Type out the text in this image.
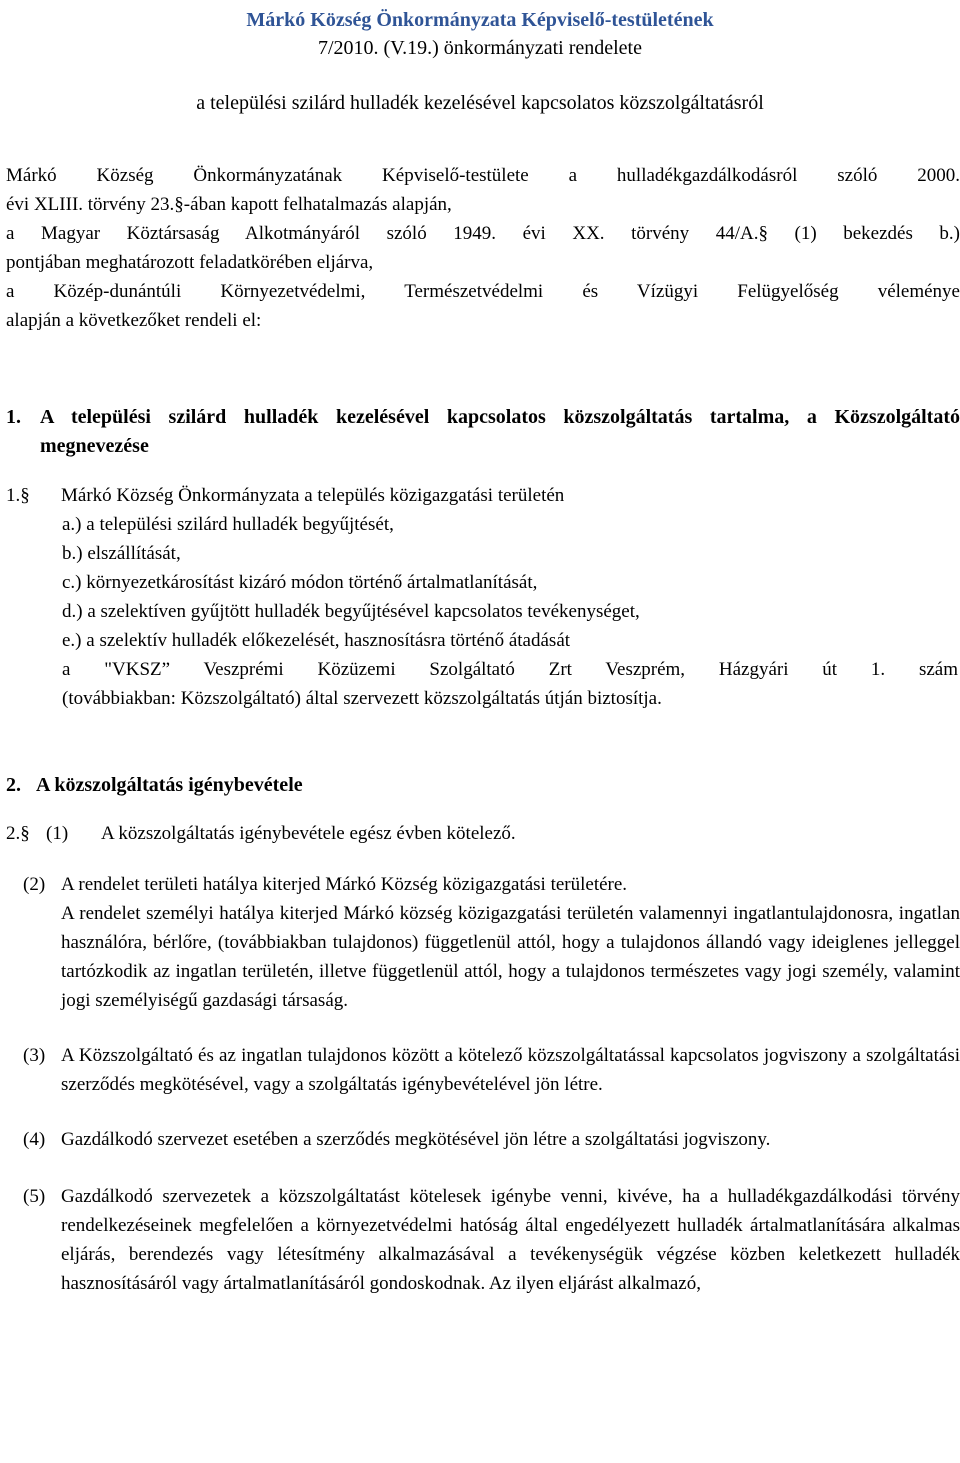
Márkó Község Önkormányzata Képviselő-testületének

7/2010. (V.19.) önkormányzati rendelete

a települési szilárd hulladék kezelésével kapcsolatos közszolgáltatásról

Márkó Község Önkormányzatának Képviselő-testülete a hulladékgazdálkodásról szóló 2000.

évi XLIII. törvény 23.§-ában kapott felhatalmazás alapján,

a Magyar Köztársaság Alkotmányáról szóló 1949. évi XX. törvény 44/A.§ (1) bekezdés b.)

pontjában meghatározott feladatkörében eljárva,

a Közép-dunántúli Környezetvédelmi, Természetvédelmi és Vízügyi Felügyelőség véleménye

alapján a következőket rendeli el:

1. A települési szilárd hulladék kezelésével kapcsolatos közszolgáltatás tartalma, a Közszolgáltató megnevezése
1.§	Márkó Község Önkormányzata a település közigazgatási területén

a.) a települési szilárd hulladék begyűjtését,

b.) elszállítását,

c.) környezetkárosítást kizáró módon történő ártalmatlanítását,

d.) a szelektíven gyűjtött hulladék begyűjtésével kapcsolatos tevékenységet,

e.) a szelektív hulladék előkezelését, hasznosításra történő átadását

a "VKSZ” Veszprémi Közüzemi Szolgáltató Zrt Veszprém, Házgyári út 1. szám

(továbbiakban: Közszolgáltató) által szervezett közszolgáltatás útján biztosítja.

2. A közszolgáltatás igénybevétele
2.§ (1)	A közszolgáltatás igénybevétele egész évben kötelező.
(2) A rendelet területi hatálya kiterjed Márkó Község közigazgatási területére.

A rendelet személyi hatálya kiterjed Márkó község közigazgatási területén valamennyi ingatlantulajdonosra, ingatlan használóra, bérlőre, (továbbiakban tulajdonos) függetlenül attól, hogy a tulajdonos állandó vagy ideiglenes jelleggel tartózkodik az ingatlan területén, illetve függetlenül attól, hogy a tulajdonos természetes vagy jogi személy, valamint jogi személyiségű gazdasági társaság.

(3) A Közszolgáltató és az ingatlan tulajdonos között a kötelező közszolgáltatással kapcsolatos jogviszony a szolgáltatási szerződés megkötésével, vagy a szolgáltatás igénybevételével jön létre.

(4) Gazdálkodó szervezet esetében a szerződés megkötésével jön létre a szolgáltatási jogviszony.

(5) Gazdálkodó szervezetek a közszolgáltatást kötelesek igénybe venni, kivéve, ha a hulladékgazdálkodási törvény rendelkezéseinek megfelelően a környezetvédelmi hatóság által engedélyezett hulladék ártalmatlanítására alkalmas eljárás, berendezés vagy létesítmény alkalmazásával a tevékenységük végzése közben keletkezett hulladék hasznosításáról vagy ártalmatlanításáról gondoskodnak. Az ilyen eljárást alkalmazó,
